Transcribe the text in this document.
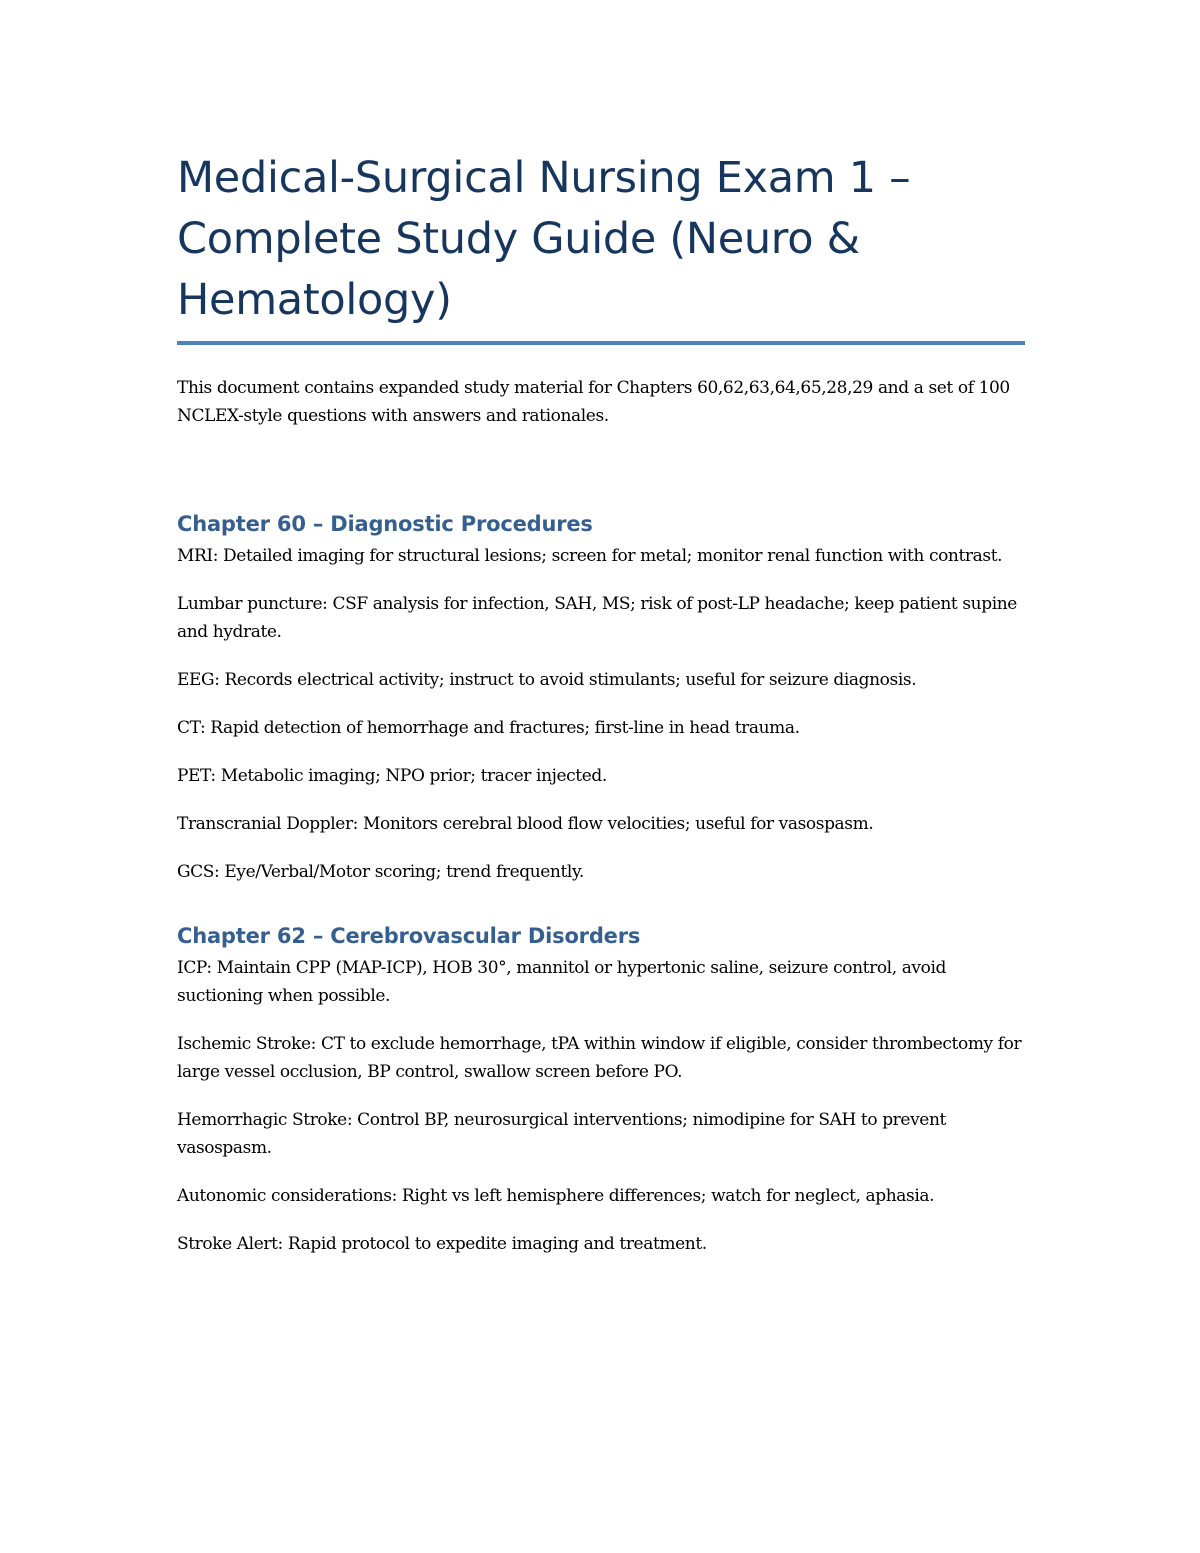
Medical-Surgical Nursing Exam 1 –
Complete Study Guide (Neuro &
Hematology)

This document contains expanded study material for Chapters 60,62,63,64,65,28,29 and a set of 100 NCLEX-style questions with answers and rationales.

Chapter 60 – Diagnostic Procedures

MRI: Detailed imaging for structural lesions; screen for metal; monitor renal function with contrast.

Lumbar puncture: CSF analysis for infection, SAH, MS; risk of post-LP headache; keep patient supine and hydrate.

EEG: Records electrical activity; instruct to avoid stimulants; useful for seizure diagnosis.

CT: Rapid detection of hemorrhage and fractures; first-line in head trauma.

PET: Metabolic imaging; NPO prior; tracer injected.

Transcranial Doppler: Monitors cerebral blood flow velocities; useful for vasospasm.

GCS: Eye/Verbal/Motor scoring; trend frequently.

Chapter 62 – Cerebrovascular Disorders

ICP: Maintain CPP (MAP-ICP), HOB 30°, mannitol or hypertonic saline, seizure control, avoid suctioning when possible.

Ischemic Stroke: CT to exclude hemorrhage, tPA within window if eligible, consider thrombectomy for large vessel occlusion, BP control, swallow screen before PO.

Hemorrhagic Stroke: Control BP, neurosurgical interventions; nimodipine for SAH to prevent vasospasm.

Autonomic considerations: Right vs left hemisphere differences; watch for neglect, aphasia.

Stroke Alert: Rapid protocol to expedite imaging and treatment.
